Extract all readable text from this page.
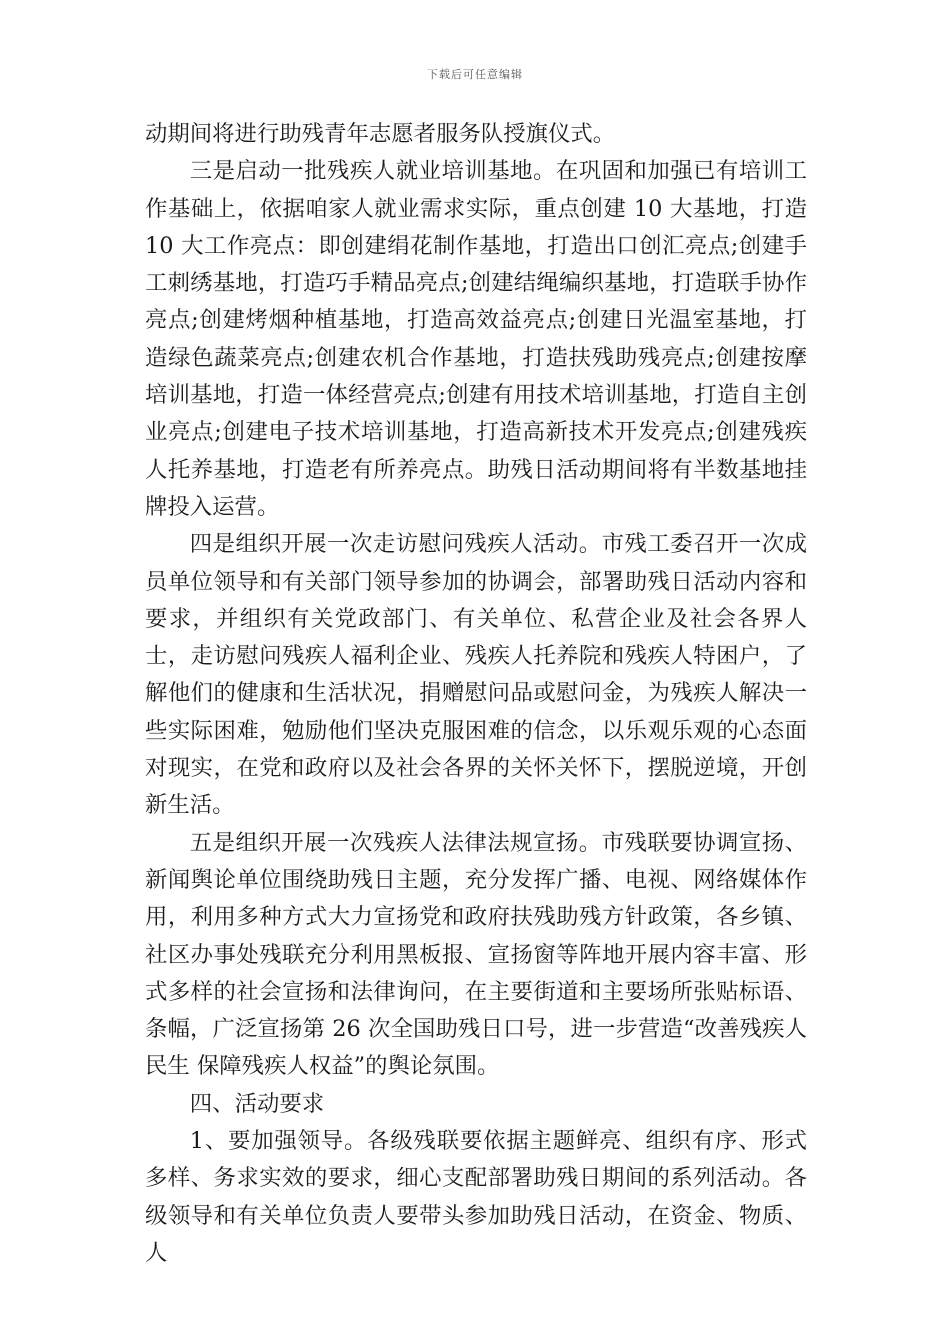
下载后可任意编辑

动期间将进行助残青年志愿者服务队授旗仪式。

三是启动一批残疾人就业培训基地。在巩固和加强已有培训工作基础上，依据咱家人就业需求实际，重点创建 10 大基地，打造 10 大工作亮点：即创建绢花制作基地，打造出口创汇亮点;创建手工刺绣基地，打造巧手精品亮点;创建结绳编织基地，打造联手协作亮点;创建烤烟种植基地，打造高效益亮点;创建日光温室基地，打造绿色蔬菜亮点;创建农机合作基地，打造扶残助残亮点;创建按摩培训基地，打造一体经营亮点;创建有用技术培训基地，打造自主创业亮点;创建电子技术培训基地，打造高新技术开发亮点;创建残疾人托养基地，打造老有所养亮点。助残日活动期间将有半数基地挂牌投入运营。

四是组织开展一次走访慰问残疾人活动。市残工委召开一次成员单位领导和有关部门领导参加的协调会，部署助残日活动内容和要求，并组织有关党政部门、有关单位、私营企业及社会各界人士，走访慰问残疾人福利企业、残疾人托养院和残疾人特困户，了解他们的健康和生活状况，捐赠慰问品或慰问金，为残疾人解决一些实际困难，勉励他们坚决克服困难的信念，以乐观乐观的心态面对现实，在党和政府以及社会各界的关怀关怀下，摆脱逆境，开创新生活。

五是组织开展一次残疾人法律法规宣扬。市残联要协调宣扬、新闻舆论单位围绕助残日主题，充分发挥广播、电视、网络媒体作用，利用多种方式大力宣扬党和政府扶残助残方针政策，各乡镇、社区办事处残联充分利用黑板报、宣扬窗等阵地开展内容丰富、形式多样的社会宣扬和法律询问，在主要街道和主要场所张贴标语、条幅，广泛宣扬第 26 次全国助残日口号，进一步营造“改善残疾人民生 保障残疾人权益”的舆论氛围。

四、活动要求

1、要加强领导。各级残联要依据主题鲜亮、组织有序、形式多样、务求实效的要求，细心支配部署助残日期间的系列活动。各级领导和有关单位负责人要带头参加助残日活动，在资金、物质、人
